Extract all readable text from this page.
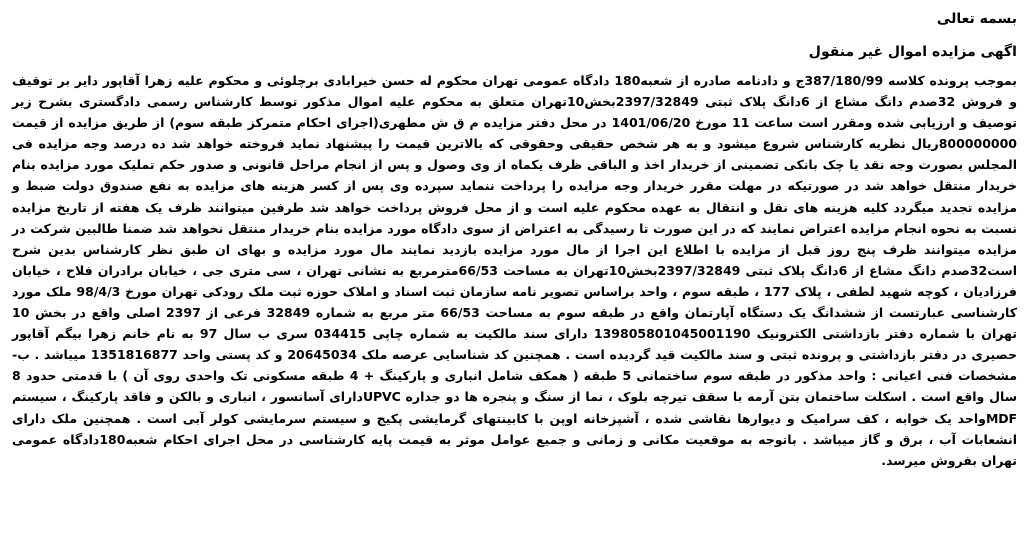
بسمه تعالی
اگهی مزایده اموال غیر منقول
بموجب پرونده کلاسه 387/180/99ج و دادنامه صادره از شعبه180 دادگاه عمومی تهران محکوم له حسن خیرابادی برچلوئی و محکوم علیه زهرا آقاپور دایر بر توقیف و فروش 32صدم دانگ مشاع از 6دانگ پلاک ثبتی 2397/32849بخش10تهران متعلق به محکوم علیه اموال مذکور توسط کارشناس رسمی دادگستری بشرح زیر توصیف و ارزیابی شده ومقرر است ساعت 11 مورخ 1401/06/20 در محل دفتر مزایده م ق ش مطهری(اجرای احکام متمرکز طبقه سوم) از طریق مزایده از قیمت 800000000ریال نظریه کارشناس شروع میشود و به هر شخص حقیقی وحقوقی که بالاترین قیمت را پیشنهاد نماید فروخته خواهد شد ده درصد وجه مزایده فی المجلس بصورت وجه نقد یا چک بانکی تضمینی از خریدار اخذ و الباقی ظرف یکماه از وی وصول و پس از انجام مراحل قانونی و صدور حکم تملیک مورد مزایده بنام خریدار منتقل خواهد شد در صورتیکه در مهلت مقرر خریدار وجه مزایده را پرداخت ننماید سپرده وی پس از کسر هزینه های مزایده به نفع صندوق دولت ضبط و مزایده تجدید میگردد کلیه هزینه های نقل و انتقال به عهده محکوم علیه است و از محل فروش پرداخت خواهد شد طرفین میتوانند ظرف یک هفته از تاریخ مزایده نسبت به نحوه انجام مزایده اعتراض نمایند که در این صورت تا رسیدگی به اعتراض از سوی دادگاه مورد مزایده بنام خریدار منتقل نخواهد شد ضمنا طالبین شرکت در مزایده میتوانند ظرف پنج روز قبل از مزایده با اطلاع این اجرا از مال مورد مزایده بازدید نمایند مال مورد مزایده و بهای ان طبق نظر کارشناس بدین شرح است32صدم دانگ مشاع از 6دانگ پلاک ثبتی 2397/32849بخش10تهران به مساحت 66/53مترمربع به نشانی تهران ، سی متری جی ، خیابان برادران فلاح ، خیابان فرزادیان ، کوچه شهید لطفی ، پلاک 177 ، طبقه سوم ، واحد براساس تصویر نامه سازمان ثبت اسناد و املاک حوزه ثبت ملک رودکی تهران مورخ 98/4/3 ملک مورد کارشناسی عبارتست از ششدانگ یک دستگاه آپارتمان واقع در طبقه سوم به مساحت 66/53 متر مربع به شماره 32849 فرعی از 2397 اصلی واقع در بخش 10 تهران با شماره دفتر بازداشتی الکترونیک 139805801045001190 دارای سند مالکیت به شماره چاپی 034415 سری ب سال 97 به نام خانم زهرا بیگم آقاپور حصیری در دفتر بازداشتی و پرونده ثبتی و سند مالکیت قید گردیده است . همچنین کد شناسایی عرصه ملک 20645034 و کد پستی واحد 1351816877 میباشد . ب- مشخصات فنی اعیانی : واحد مذکور در طبقه سوم ساختمانی 5 طبقه ( همکف شامل انباری و پارکینگ + 4 طبقه مسکونی تک واحدی روی آن ) با قدمتی حدود 8 سال واقع است . اسکلت ساختمان بتن آرمه با سقف تیرچه بلوک ، نما از سنگ و پنجره ها دو جداره UPVCدارای آسانسور ، انباری و بالکن و فاقد پارکینگ ، سیستم MDFواحد یک خوابه ، کف سرامیک و دیوارها نقاشی شده ، آشپزخانه اوپن با کابینتهای گرمایشی پکیج و سیستم سرمایشی کولر آبی است . همچنین ملک دارای انشعابات آب ، برق و گاز میباشد . باتوجه به موقعیت مکانی و زمانی و جمیع عوامل موثر به قیمت پایه کارشناسی در محل اجرای احکام شعبه180دادگاه عمومی تهران بفروش میرسد.
